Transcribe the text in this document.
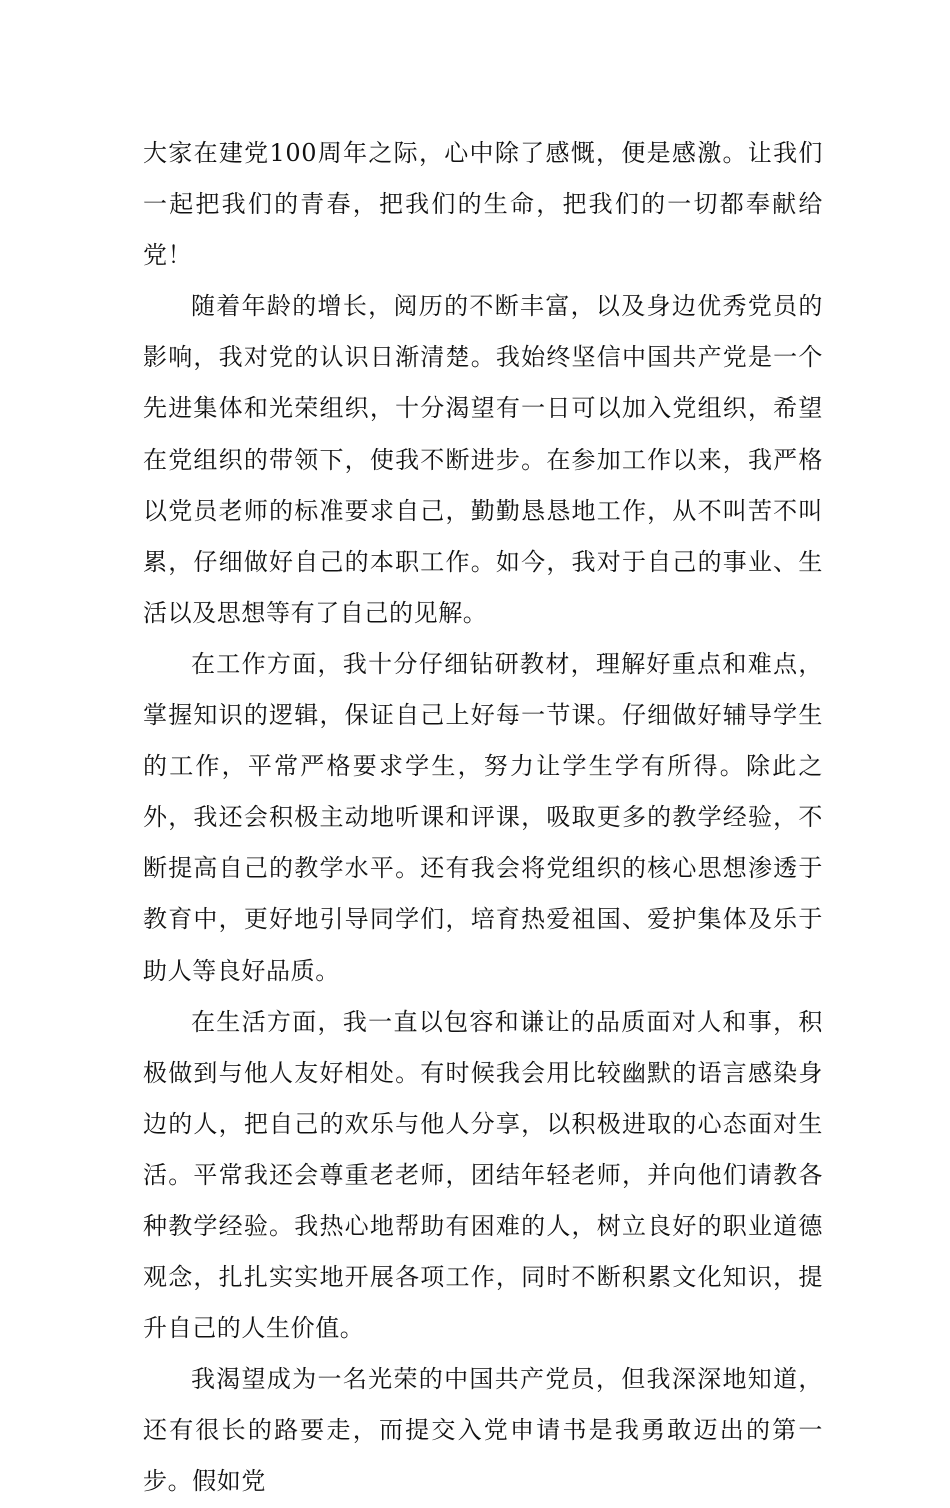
大家在建党100周年之际，心中除了感慨，便是感激。让我们一起把我们的青春，把我们的生命，把我们的一切都奉献给党！

随着年龄的增长，阅历的不断丰富，以及身边优秀党员的影响，我对党的认识日渐清楚。我始终坚信中国共产党是一个先进集体和光荣组织，十分渴望有一日可以加入党组织，希望在党组织的带领下，使我不断进步。在参加工作以来，我严格以党员老师的标准要求自己，勤勤恳恳地工作，从不叫苦不叫累，仔细做好自己的本职工作。如今，我对于自己的事业、生活以及思想等有了自己的见解。

在工作方面，我十分仔细钻研教材，理解好重点和难点，掌握知识的逻辑，保证自己上好每一节课。仔细做好辅导学生的工作，平常严格要求学生，努力让学生学有所得。除此之外，我还会积极主动地听课和评课，吸取更多的教学经验，不断提高自己的教学水平。还有我会将党组织的核心思想渗透于教育中，更好地引导同学们，培育热爱祖国、爱护集体及乐于助人等良好品质。

在生活方面，我一直以包容和谦让的品质面对人和事，积极做到与他人友好相处。有时候我会用比较幽默的语言感染身边的人，把自己的欢乐与他人分享，以积极进取的心态面对生活。平常我还会尊重老老师，团结年轻老师，并向他们请教各种教学经验。我热心地帮助有困难的人，树立良好的职业道德观念，扎扎实实地开展各项工作，同时不断积累文化知识，提升自己的人生价值。

我渴望成为一名光荣的中国共产党员，但我深深地知道，还有很长的路要走，而提交入党申请书是我勇敢迈出的第一步。假如党
